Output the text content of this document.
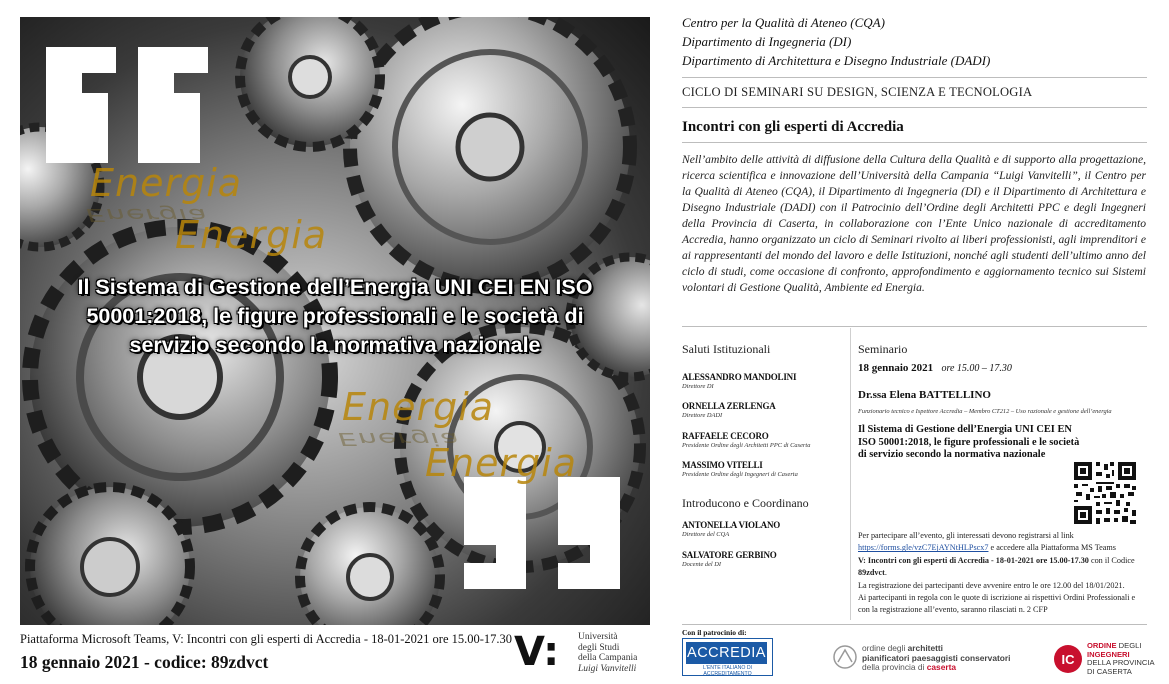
Energia
Energia
Energia
Energia
Energia
Energia
Il Sistema di Gestione dell’Energia UNI CEI EN ISO
50001:2018, le figure professionali e le società di
servizio secondo la normativa nazionale
Piattaforma Microsoft Teams, V: Incontri con gli esperti di Accredia - 18-01-2021 ore 15.00-17.30
18 gennaio 2021 - codice: 89zdvct	V: Università
degli Studi
della Campania
Luigi Vanvitelli
Centro per la Qualità di Ateneo (CQA)
Dipartimento di Ingegneria (DI)
Dipartimento di Architettura e Disegno Industriale (DADI)
CICLO DI SEMINARI SU DESIGN, SCIENZA E TECNOLOGIA
Incontri con gli esperti di Accredia
Nell’ambito delle attività di diffusione della Cultura della Qualità e di supporto alla progettazione, ricerca scientifica e innovazione dell’Università della Campania “Luigi Vanvitelli”, il Centro per la Qualità di Ateneo (CQA), il Dipartimento di Ingegneria (DI) e il Dipartimento di Architettura e Disegno Industriale (DADI) con il Patrocinio dell’Ordine degli Architetti PPC e degli Ingegneri della Provincia di Caserta, in collaborazione con l’Ente Unico nazionale di accreditamento Accredia, hanno organizzato un ciclo di Seminari rivolto ai liberi professionisti, agli imprenditori e ai rappresentanti del mondo del lavoro e delle Istituzioni, nonché agli studenti dell’ultimo anno del ciclo di studi, come occasione di confronto, approfondimento e aggiornamento tecnico sui Sistemi volontari di Gestione Qualità, Ambiente ed Energia.
Saluti Istituzionali
ALESSANDRO MANDOLINI
Direttore DI
ORNELLA ZERLENGA
Direttore DADI
RAFFAELE CECORO
Presidente Ordine degli Architetti PPC di Caserta
MASSIMO VITELLI
Presidente Ordine degli Ingegneri di Caserta
Introducono e Coordinano
ANTONELLA VIOLANO
Direttore del CQA
SALVATORE GERBINO
Docente del DI
Seminario
18 gennaio 2021 ore 15.00 – 17.30
Dr.ssa Elena BATTELLINO
Funzionario tecnico e Ispettore Accredia – Membro CT212 – Uso razionale e gestione dell’energia
Il Sistema di Gestione dell’Energia UNI CEI EN ISO 50001:2018, le figure professionali e le società di servizio secondo la normativa nazionale
Per partecipare all’evento, gli interessati devono registrarsi al link
https://forms.gle/vzC7EjAYNtHLPscx7 e accedere alla Piattaforma MS Teams
V: Incontri con gli esperti di Accredia - 18-01-2021 ore 15.00-17.30 con il Codice 89zdvct.
La registrazione dei partecipanti deve avvenire entro le ore 12.00 del 18/01/2021.
Ai partecipanti in regola con le quote di iscrizione ai rispettivi Ordini Professionali e con la registrazione all’evento, saranno rilasciati n. 2 CFP
Con il patrocinio di:
ACCREDIA
L'ENTE ITALIANO DI ACCREDITAMENTO
ordine degli architetti
pianificatori paesaggisti conservatori
della provincia di caserta
IC
ORDINE DEGLI
INGEGNERI
DELLA PROVINCIA
DI CASERTA
